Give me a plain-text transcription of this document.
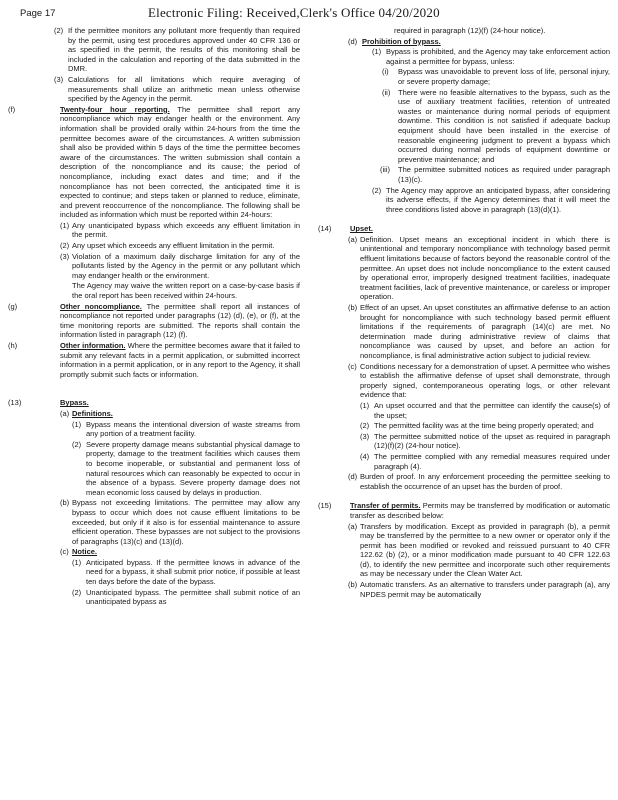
Page 17	Electronic Filing: Received,Clerk's Office 04/20/2020
(2) If the permittee monitors any pollutant more frequently than required by the permit, using test procedures approved under 40 CFR 136 or as specified in the permit, the results of this monitoring shall be included in the calculation and reporting of the data submitted in the DMR.
(3) Calculations for all limitations which require averaging of measurements shall utilize an arithmetic mean unless otherwise specified by the Agency in the permit.
(f)	Twenty-four hour reporting. The permittee shall report any noncompliance which may endanger health or the environment. Any information shall be provided orally within 24-hours from the time the permittee becomes aware of the circumstances. A written submission shall also be provided within 5 days of the time the permittee becomes aware of the circumstances. The written submission shall contain a description of the noncompliance and its cause; the period of noncompliance, including exact dates and time; and if the noncompliance has not been corrected, the anticipated time it is expected to continue; and steps taken or planned to reduce, eliminate, and prevent reoccurrence of the noncompliance. The following shall be included as information which must be reported within 24-hours:
(1) Any unanticipated bypass which exceeds any effluent limitation in the permit.
(2) Any upset which exceeds any effluent limitation in the permit.
(3) Violation of a maximum daily discharge limitation for any of the pollutants listed by the Agency in the permit or any pollutant which may endanger health or the environment.
The Agency may waive the written report on a case-by-case basis if the oral report has been received within 24-hours.
(g)	Other noncompliance. The permittee shall report all instances of noncompliance not reported under paragraphs (12) (d), (e), or (f), at the time monitoring reports are submitted. The reports shall contain the information listed in paragraph (12) (f).
(h)	Other information. Where the permittee becomes aware that it failed to submit any relevant facts in a permit application, or submitted incorrect information in a permit application, or in any report to the Agency, it shall promptly submit such facts or information.
(13)	Bypass.
(a) Definitions.
(1) Bypass means the intentional diversion of waste streams from any portion of a treatment facility.
(2) Severe property damage means substantial physical damage to property, damage to the treatment facilities which causes them to become inoperable, or substantial and permanent loss of natural resources which can reasonably be expected to occur in the absence of a bypass. Severe property damage does not mean economic loss caused by delays in production.
(b) Bypass not exceeding limitations. The permittee may allow any bypass to occur which does not cause effluent limitations to be exceeded, but only if it also is for essential maintenance to assure efficient operation. These bypasses are not subject to the provisions of paragraphs (13)(c) and (13)(d).
(c) Notice.
(1) Anticipated bypass. If the permittee knows in advance of the need for a bypass, it shall submit prior notice, if possible at least ten days before the date of the bypass.
(2) Unanticipated bypass. The permittee shall submit notice of an unanticipated bypass as
required in paragraph (12)(f) (24-hour notice).
(d) Prohibition of bypass.
(1) Bypass is prohibited, and the Agency may take enforcement action against a permittee for bypass, unless:
(i) Bypass was unavoidable to prevent loss of life, personal injury, or severe property damage;
(ii) There were no feasible alternatives to the bypass, such as the use of auxiliary treatment facilities, retention of untreated wastes or maintenance during normal periods of equipment downtime. This condition is not satisfied if adequate backup equipment should have been installed in the exercise of reasonable engineering judgment to prevent a bypass which occurred during normal periods of equipment downtime or preventive maintenance; and
(iii) The permittee submitted notices as required under paragraph (13)(c).
(2) The Agency may approve an anticipated bypass, after considering its adverse effects, if the Agency determines that it will meet the three conditions listed above in paragraph (13)(d)(1).
(14) Upset.
(a) Definition. Upset means an exceptional incident in which there is unintentional and temporary noncompliance with technology based permit effluent limitations because of factors beyond the reasonable control of the permittee. An upset does not include noncompliance to the extent caused by operational error, improperly designed treatment facilities, inadequate treatment facilities, lack of preventive maintenance, or careless or improper operation.
(b) Effect of an upset. An upset constitutes an affirmative defense to an action brought for noncompliance with such technology based permit effluent limitations if the requirements of paragraph (14)(c) are met. No determination made during administrative review of claims that noncompliance was caused by upset, and before an action for noncompliance, is final administrative action subject to judicial review.
(c) Conditions necessary for a demonstration of upset. A permittee who wishes to establish the affirmative defense of upset shall demonstrate, through properly signed, contemporaneous operating logs, or other relevant evidence that:
(1) An upset occurred and that the permittee can identify the cause(s) of the upset;
(2) The permitted facility was at the time being properly operated; and
(3) The permittee submitted notice of the upset as required in paragraph (12)(f)(2) (24-hour notice).
(4) The permittee complied with any remedial measures required under paragraph (4).
(d) Burden of proof. In any enforcement proceeding the permittee seeking to establish the occurrence of an upset has the burden of proof.
(15) Transfer of permits. Permits may be transferred by modification or automatic transfer as described below:
(a) Transfers by modification. Except as provided in paragraph (b), a permit may be transferred by the permittee to a new owner or operator only if the permit has been modified or revoked and reissued pursuant to 40 CFR 122.62 (b) (2), or a minor modification made pursuant to 40 CFR 122.63 (d), to identify the new permittee and incorporate such other requirements as may be necessary under the Clean Water Act.
(b) Automatic transfers. As an alternative to transfers under paragraph (a), any NPDES permit may be automatically
